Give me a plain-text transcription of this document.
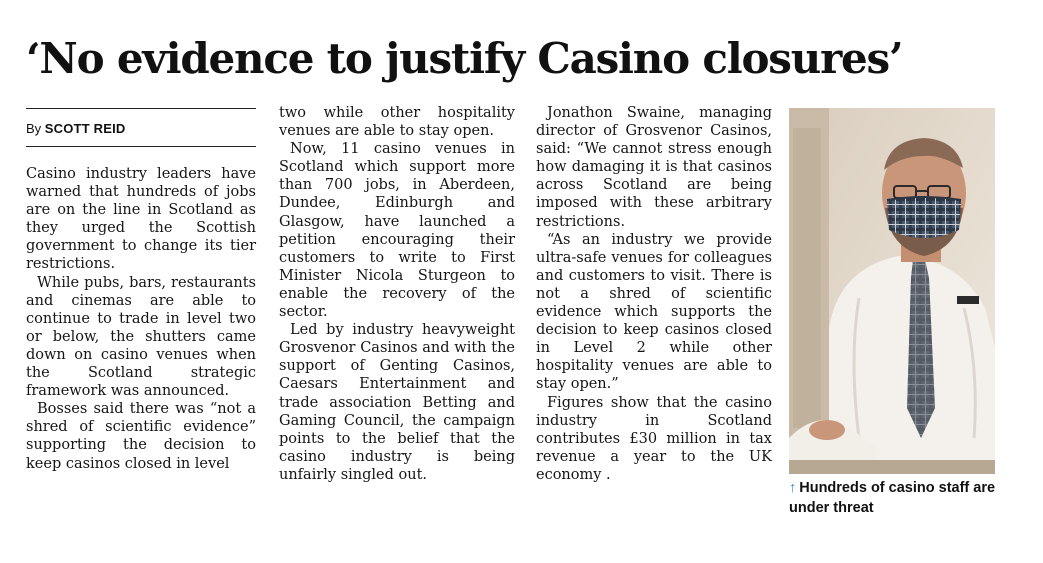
‘No evidence to justify Casino closures’
By SCOTT REID

Casino industry leaders have warned that hundreds of jobs are on the line in Scotland as they urged the Scottish government to change its tier restrictions.

While pubs, bars, restaurants and cinemas are able to continue to trade in level two or below, the shutters came down on casino venues when the Scotland strategic framework was announced.

Bosses said there was “not a shred of scientific evidence” supporting the decision to keep casinos closed in level

two while other hospitality venues are able to stay open.

Now, 11 casino venues in Scotland which support more than 700 jobs, in Aberdeen, Dundee, Edinburgh and Glasgow, have launched a petition encouraging their customers to write to First Minister Nicola Sturgeon to enable the recovery of the sector.

Led by industry heavyweight Grosvenor Casinos and with the support of Genting Casinos, Caesars Entertainment and trade association Betting and Gaming Council, the campaign points to the belief that the casino industry is being unfairly singled out.

Jonathon Swaine, managing director of Grosvenor Casinos, said: “We cannot stress enough how damaging it is that casinos across Scotland are being imposed with these arbitrary restrictions.

“As an industry we provide ultra-safe venues for colleagues and customers to visit. There is not a shred of scientific evidence which supports the decision to keep casinos closed in Level 2 while other hospitality venues are able to stay open.”

Figures show that the casino industry in Scotland contributes £30 million in tax revenue a year to the UK economy .

↑ Hundreds of casino staff are under threat
